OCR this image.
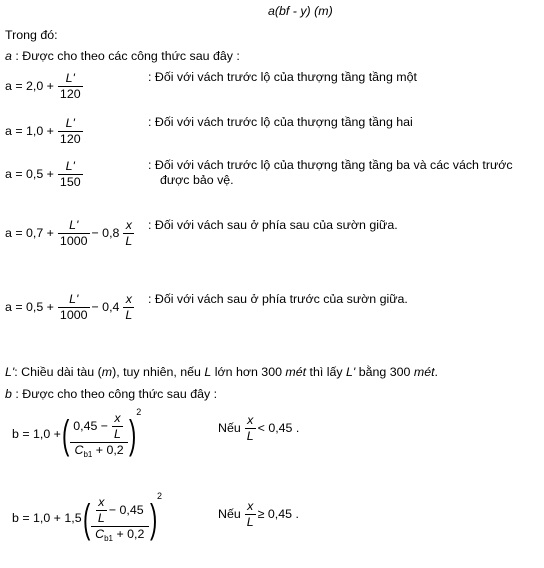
a(bf - y) (m)
Trong đó:
a : Được cho theo các công thức sau đây :
$a = 2,0 + \frac{L'}{120}$	: Đối với vách trước lộ của thượng tầng tầng một
$a = 1,0 + \frac{L'}{120}$	: Đối với vách trước lộ của thượng tầng tầng hai
$a = 0,5 + \frac{L'}{150}$	: Đối với vách trước lộ của thượng tầng tầng ba và các vách trước
được bảo vệ.
$a = 0,7 + \frac{L'}{1000} - 0,8 \frac{x}{L}$ : Đối với vách sau ở phía sau của sườn giữa.
$a = 0,5 + \frac{L'}{1000} - 0,4 \frac{x}{L}$ : Đối với vách sau ở phía trước của sườn giữa.
L': Chiều dài tàu (m), tuy nhiên, nếu L lớn hơn 300 mét thì lấy L' bằng 300 mét.
b : Được cho theo công thức sau đây :
b = 1,0 + ( $\frac{0,45 - \frac{x}{L}}{C_{b1} + 0,2}$ )
2
Nếu $\frac{x}{L} < 0,45$ .
b = 1,0 + 1,5 ( $\frac{\frac{x}{L} - 0,45}{C_{b1} + 0,2}$ )
2
Nếu $\frac{x}{L} \ge 0,45$ .
